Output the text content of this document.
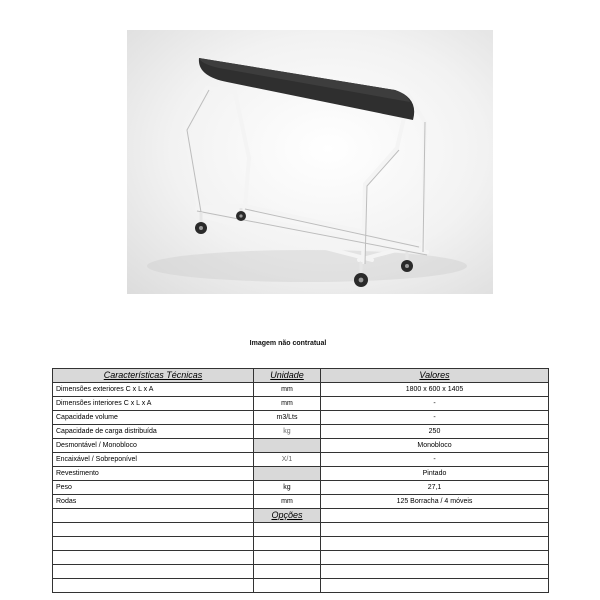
Imagem não contratual
Características Técnicas	Unidade	Valores
Dimensões exteriores C x L x A	mm	1800 x 600 x 1405
Dimensões interiores C x L x A	mm	-
Capacidade volume	m3/Lts	-
Capacidade de carga distribuída	kg	250
Desmontável / Monobloco		Monobloco
Encaixável / Sobreponível	X/1	-
Revestimento		Pintado
Peso	kg	27,1
Rodas	mm	125 Borracha / 4 móveis
	Opções	
